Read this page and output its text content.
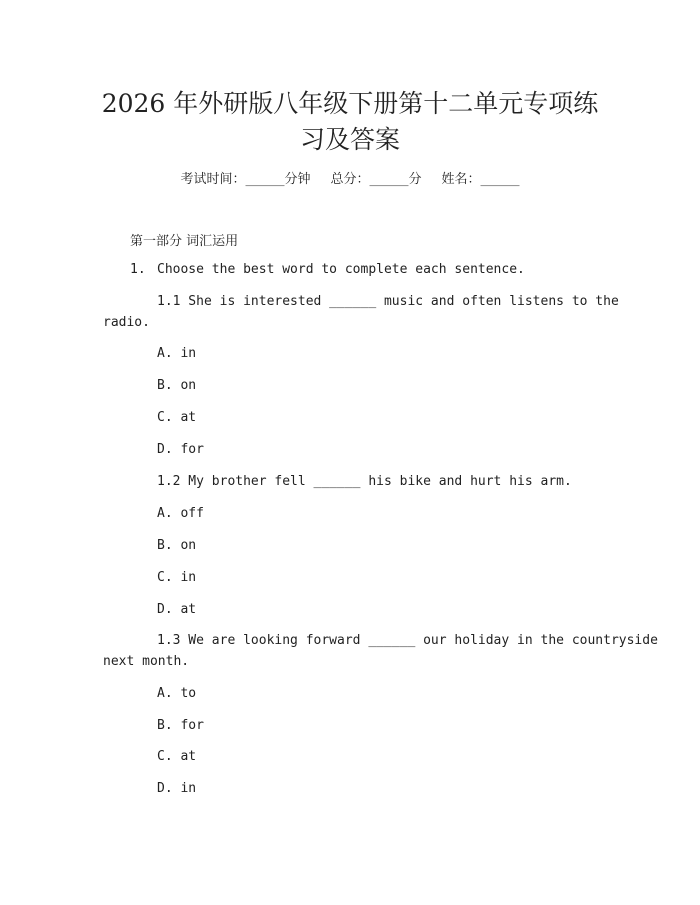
2026 年外研版八年级下册第十二单元专项练
习及答案
考试时间：______分钟 总分：______分 姓名：______
第一部分 词汇运用
1. Choose the best word to complete each sentence.
1.1 She is interested ______ music and often listens to the
radio.
A. in
B. on
C. at
D. for
1.2 My brother fell ______ his bike and hurt his arm.
A. off
B. on
C. in
D. at
1.3 We are looking forward ______ our holiday in the countryside
next month.
A. to
B. for
C. at
D. in
